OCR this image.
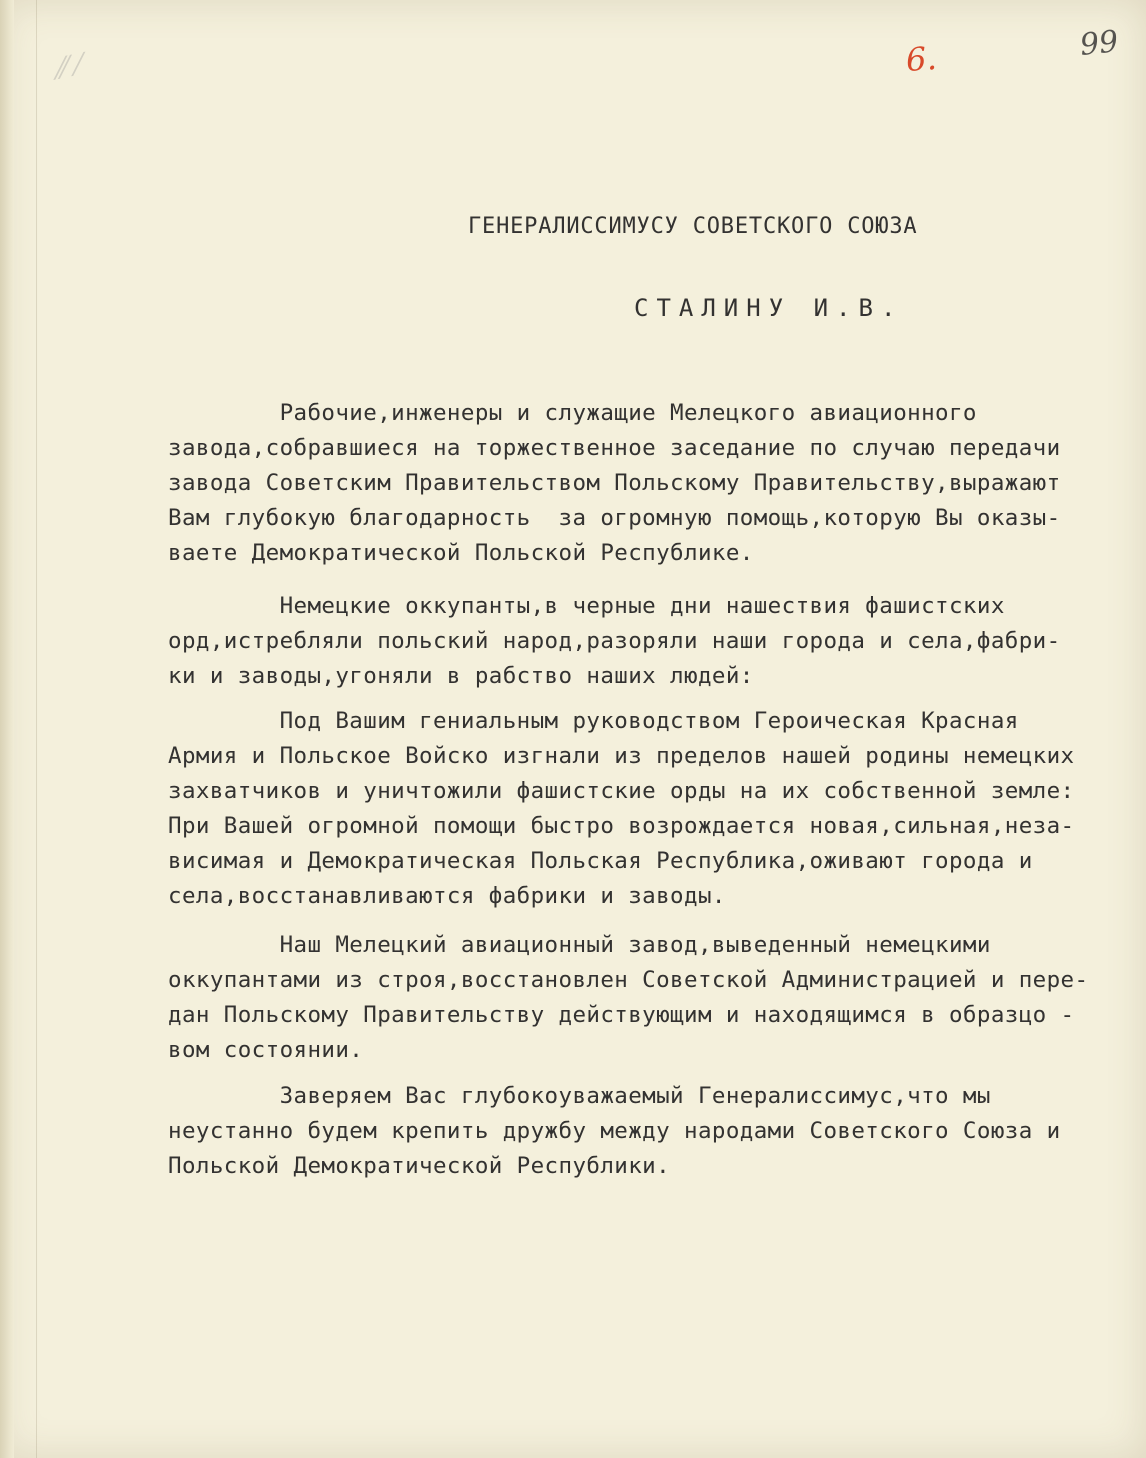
⁄⁄ ⁄	6.	99
ГЕНЕРАЛИССИМУСУ СОВЕТСКОГО СОЮЗА
СТАЛИНУ И.В.
Рабочие,инженеры и служащие Мелецкого авиационного
завода,собравшиеся на торжественное заседание по случаю передачи
завода Советским Правительством Польскому Правительству,выражают
Вам глубокую благодарность  за огромную помощь,которую Вы оказы-
ваете Демократической Польской Республике.
Немецкие оккупанты,в черные дни нашествия фашистских
орд,истребляли польский народ,разоряли наши города и села,фабри-
ки и заводы,угоняли в рабство наших людей:
Под Вашим гениальным руководством Героическая Красная
Армия и Польское Войско изгнали из пределов нашей родины немецких
захватчиков и уничтожили фашистские орды на их собственной земле:
При Вашей огромной помощи быстро возрождается новая,сильная,неза-
висимая и Демократическая Польская Республика,оживают города и
села,восстанавливаются фабрики и заводы.
Наш Мелецкий авиационный завод,выведенный немецкими
оккупантами из строя,восстановлен Советской Администрацией и пере-
дан Польскому Правительству действующим и находящимся в образцо -
вом состоянии.
Заверяем Вас глубокоуважаемый Генералиссимус,что мы
неустанно будем крепить дружбу между народами Советского Союза и
Польской Демократической Республики.
